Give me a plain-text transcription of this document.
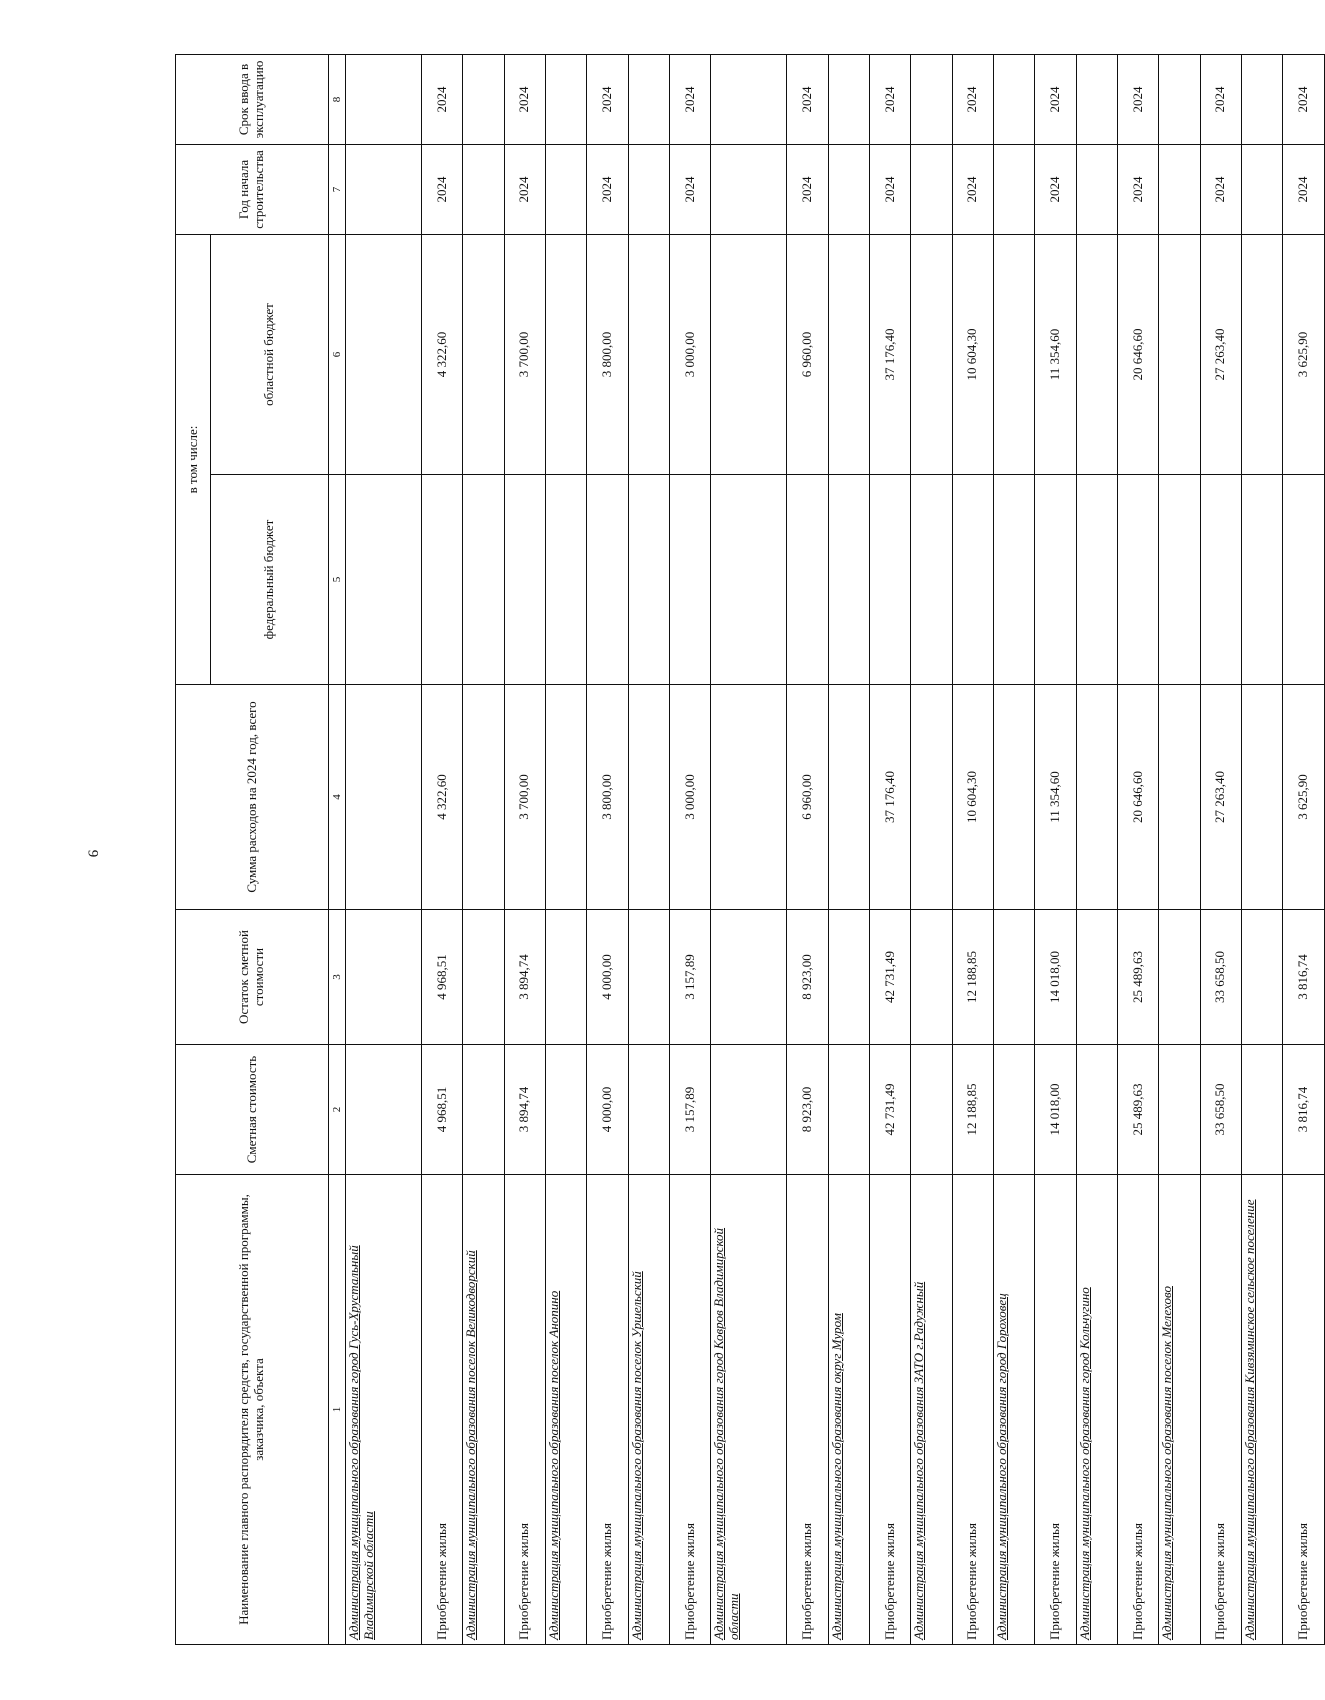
9
Наименование главного распорядителя средств, государственной программы, заказчика, объекта	Сметная стоимость	Остаток сметной стоимости	Сумма расходов на 2024 год, всего	в том числе:		Год начала строительства	Срок ввода в эксплуатацию
				федеральный бюджет	областной бюджет		
1	2	3	4	5	6	7	8
Администрация муниципального образования город Гусь-Хрустальный Владимирской области							
Приобретение жилья	4 968,51	4 968,51	4 322,60		4 322,60	2024	2024
Администрация муниципального образования поселок Великодворский							
Приобретение жилья	3 894,74	3 894,74	3 700,00		3 700,00	2024	2024
Администрация муниципального образования поселок Анопино							
Приобретение жилья	4 000,00	4 000,00	3 800,00		3 800,00	2024	2024
Администрация муниципального образования поселок Уршельский							
Приобретение жилья	3 157,89	3 157,89	3 000,00		3 000,00	2024	2024
Администрация муниципального образования город Ковров Владимирской области							
Приобретение жилья	8 923,00	8 923,00	6 960,00		6 960,00	2024	2024
Администрация муниципального образования округ Муром							
Приобретение жилья	42 731,49	42 731,49	37 176,40		37 176,40	2024	2024
Администрация муниципального образования ЗАТО г.Радужный							
Приобретение жилья	12 188,85	12 188,85	10 604,30		10 604,30	2024	2024
Администрация муниципального образования город Гороховец							
Приобретение жилья	14 018,00	14 018,00	11 354,60		11 354,60	2024	2024
Администрация муниципального образования город Кольчугино							
Приобретение жилья	25 489,63	25 489,63	20 646,60		20 646,60	2024	2024
Администрация муниципального образования поселок Мелехово							
Приобретение жилья	33 658,50	33 658,50	27 263,40		27 263,40	2024	2024
Администрация муниципального образования Кивзяминское сельское поселение							
Приобретение жилья	3 816,74	3 816,74	3 625,90		3 625,90	2024	2024
